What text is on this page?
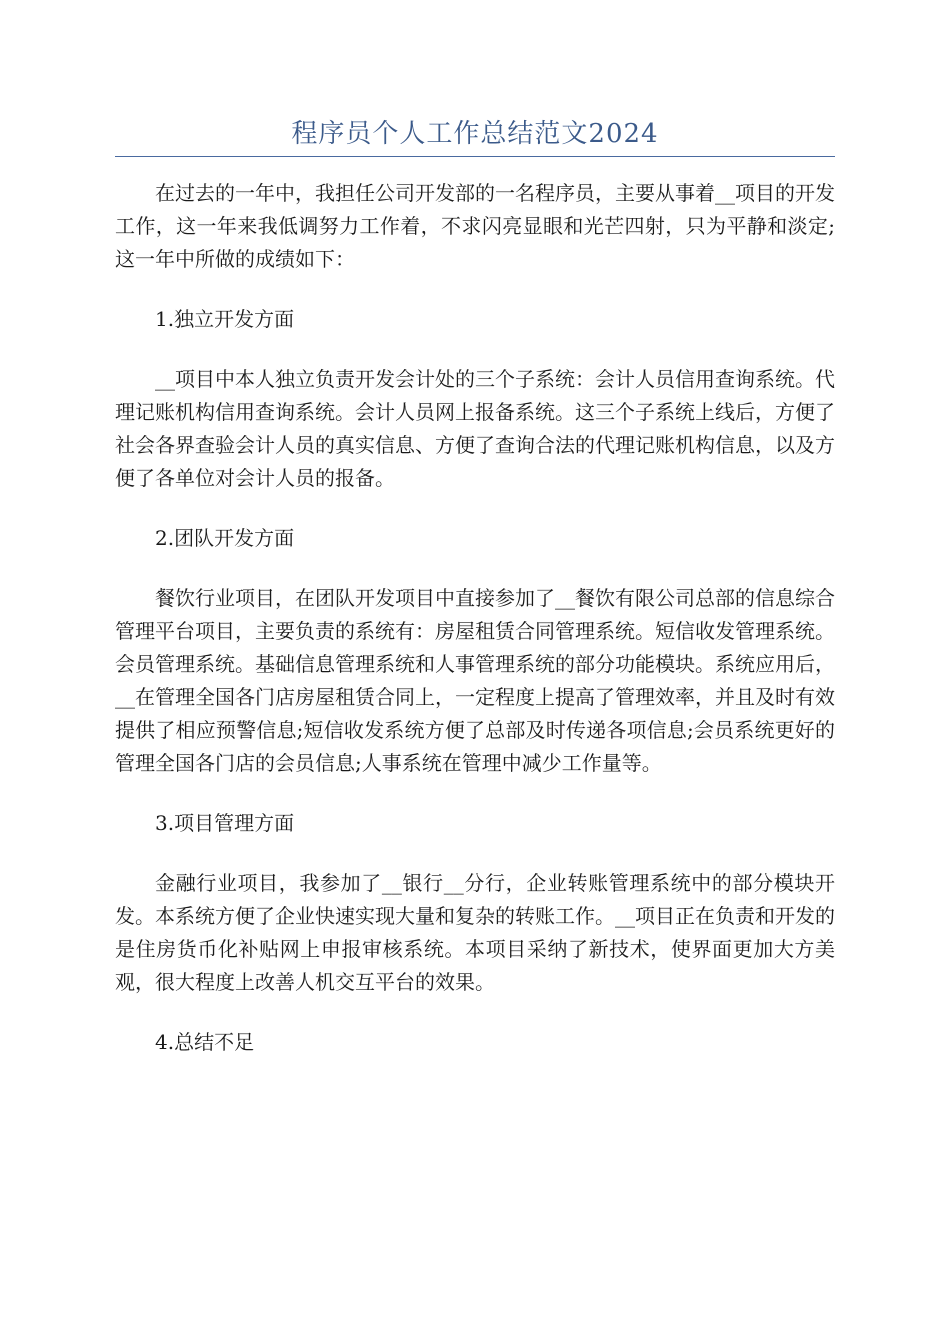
程序员个人工作总结范文2024

在过去的一年中，我担任公司开发部的一名程序员，主要从事着__项目的开发工作，这一年来我低调努力工作着，不求闪亮显眼和光芒四射，只为平静和淡定;这一年中所做的成绩如下：

1.独立开发方面

__项目中本人独立负责开发会计处的三个子系统：会计人员信用查询系统。代理记账机构信用查询系统。会计人员网上报备系统。这三个子系统上线后，方便了社会各界查验会计人员的真实信息、方便了查询合法的代理记账机构信息，以及方便了各单位对会计人员的报备。

2.团队开发方面

餐饮行业项目，在团队开发项目中直接参加了__餐饮有限公司总部的信息综合管理平台项目，主要负责的系统有：房屋租赁合同管理系统。短信收发管理系统。会员管理系统。基础信息管理系统和人事管理系统的部分功能模块。系统应用后，__在管理全国各门店房屋租赁合同上，一定程度上提高了管理效率，并且及时有效提供了相应预警信息;短信收发系统方便了总部及时传递各项信息;会员系统更好的管理全国各门店的会员信息;人事系统在管理中减少工作量等。

3.项目管理方面

金融行业项目，我参加了__银行__分行，企业转账管理系统中的部分模块开发。本系统方便了企业快速实现大量和复杂的转账工作。__项目正在负责和开发的是住房货币化补贴网上申报审核系统。本项目采纳了新技术，使界面更加大方美观，很大程度上改善人机交互平台的效果。

4.总结不足
